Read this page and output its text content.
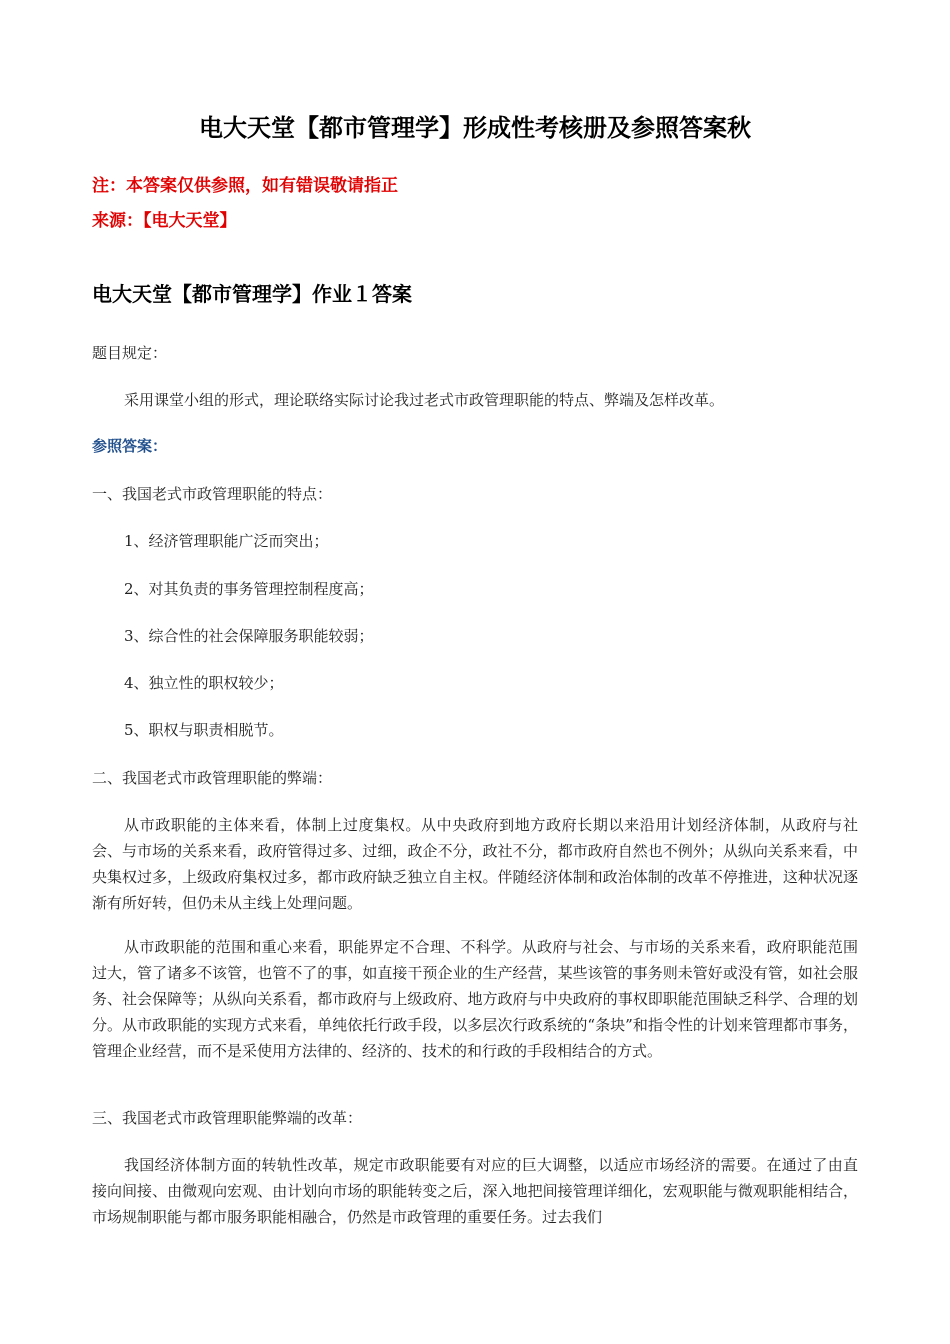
电大天堂【都市管理学】形成性考核册及参照答案秋

注：本答案仅供参照，如有错误敬请指正

来源：【电大天堂】

电大天堂【都市管理学】作业１答案

题目规定：

采用课堂小组的形式，理论联络实际讨论我过老式市政管理职能的特点、弊端及怎样改革。

参照答案：

一、我国老式市政管理职能的特点：

1、经济管理职能广泛而突出；

2、对其负责的事务管理控制程度高；

3、综合性的社会保障服务职能较弱；

4、独立性的职权较少；

5、职权与职责相脱节。

二、我国老式市政管理职能的弊端：

从市政职能的主体来看，体制上过度集权。从中央政府到地方政府长期以来沿用计划经济体制，从政府与社会、与市场的关系来看，政府管得过多、过细，政企不分，政社不分，都市政府自然也不例外；从纵向关系来看，中央集权过多，上级政府集权过多，都市政府缺乏独立自主权。伴随经济体制和政治体制的改革不停推进，这种状况逐渐有所好转，但仍未从主线上处理问题。

从市政职能的范围和重心来看，职能界定不合理、不科学。从政府与社会、与市场的关系来看，政府职能范围过大，管了诸多不该管，也管不了的事，如直接干预企业的生产经营，某些该管的事务则未管好或没有管，如社会服务、社会保障等；从纵向关系看，都市政府与上级政府、地方政府与中央政府的事权即职能范围缺乏科学、合理的划分。从市政职能的实现方式来看，单纯依托行政手段，以多层次行政系统的“条块”和指令性的计划来管理都市事务，管理企业经营，而不是采使用方法律的、经济的、技术的和行政的手段相结合的方式。

三、我国老式市政管理职能弊端的改革：

我国经济体制方面的转轨性改革，规定市政职能要有对应的巨大调整，以适应市场经济的需要。在通过了由直接向间接、由微观向宏观、由计划向市场的职能转变之后，深入地把间接管理详细化，宏观职能与微观职能相结合，市场规制职能与都市服务职能相融合，仍然是市政管理的重要任务。过去我们
